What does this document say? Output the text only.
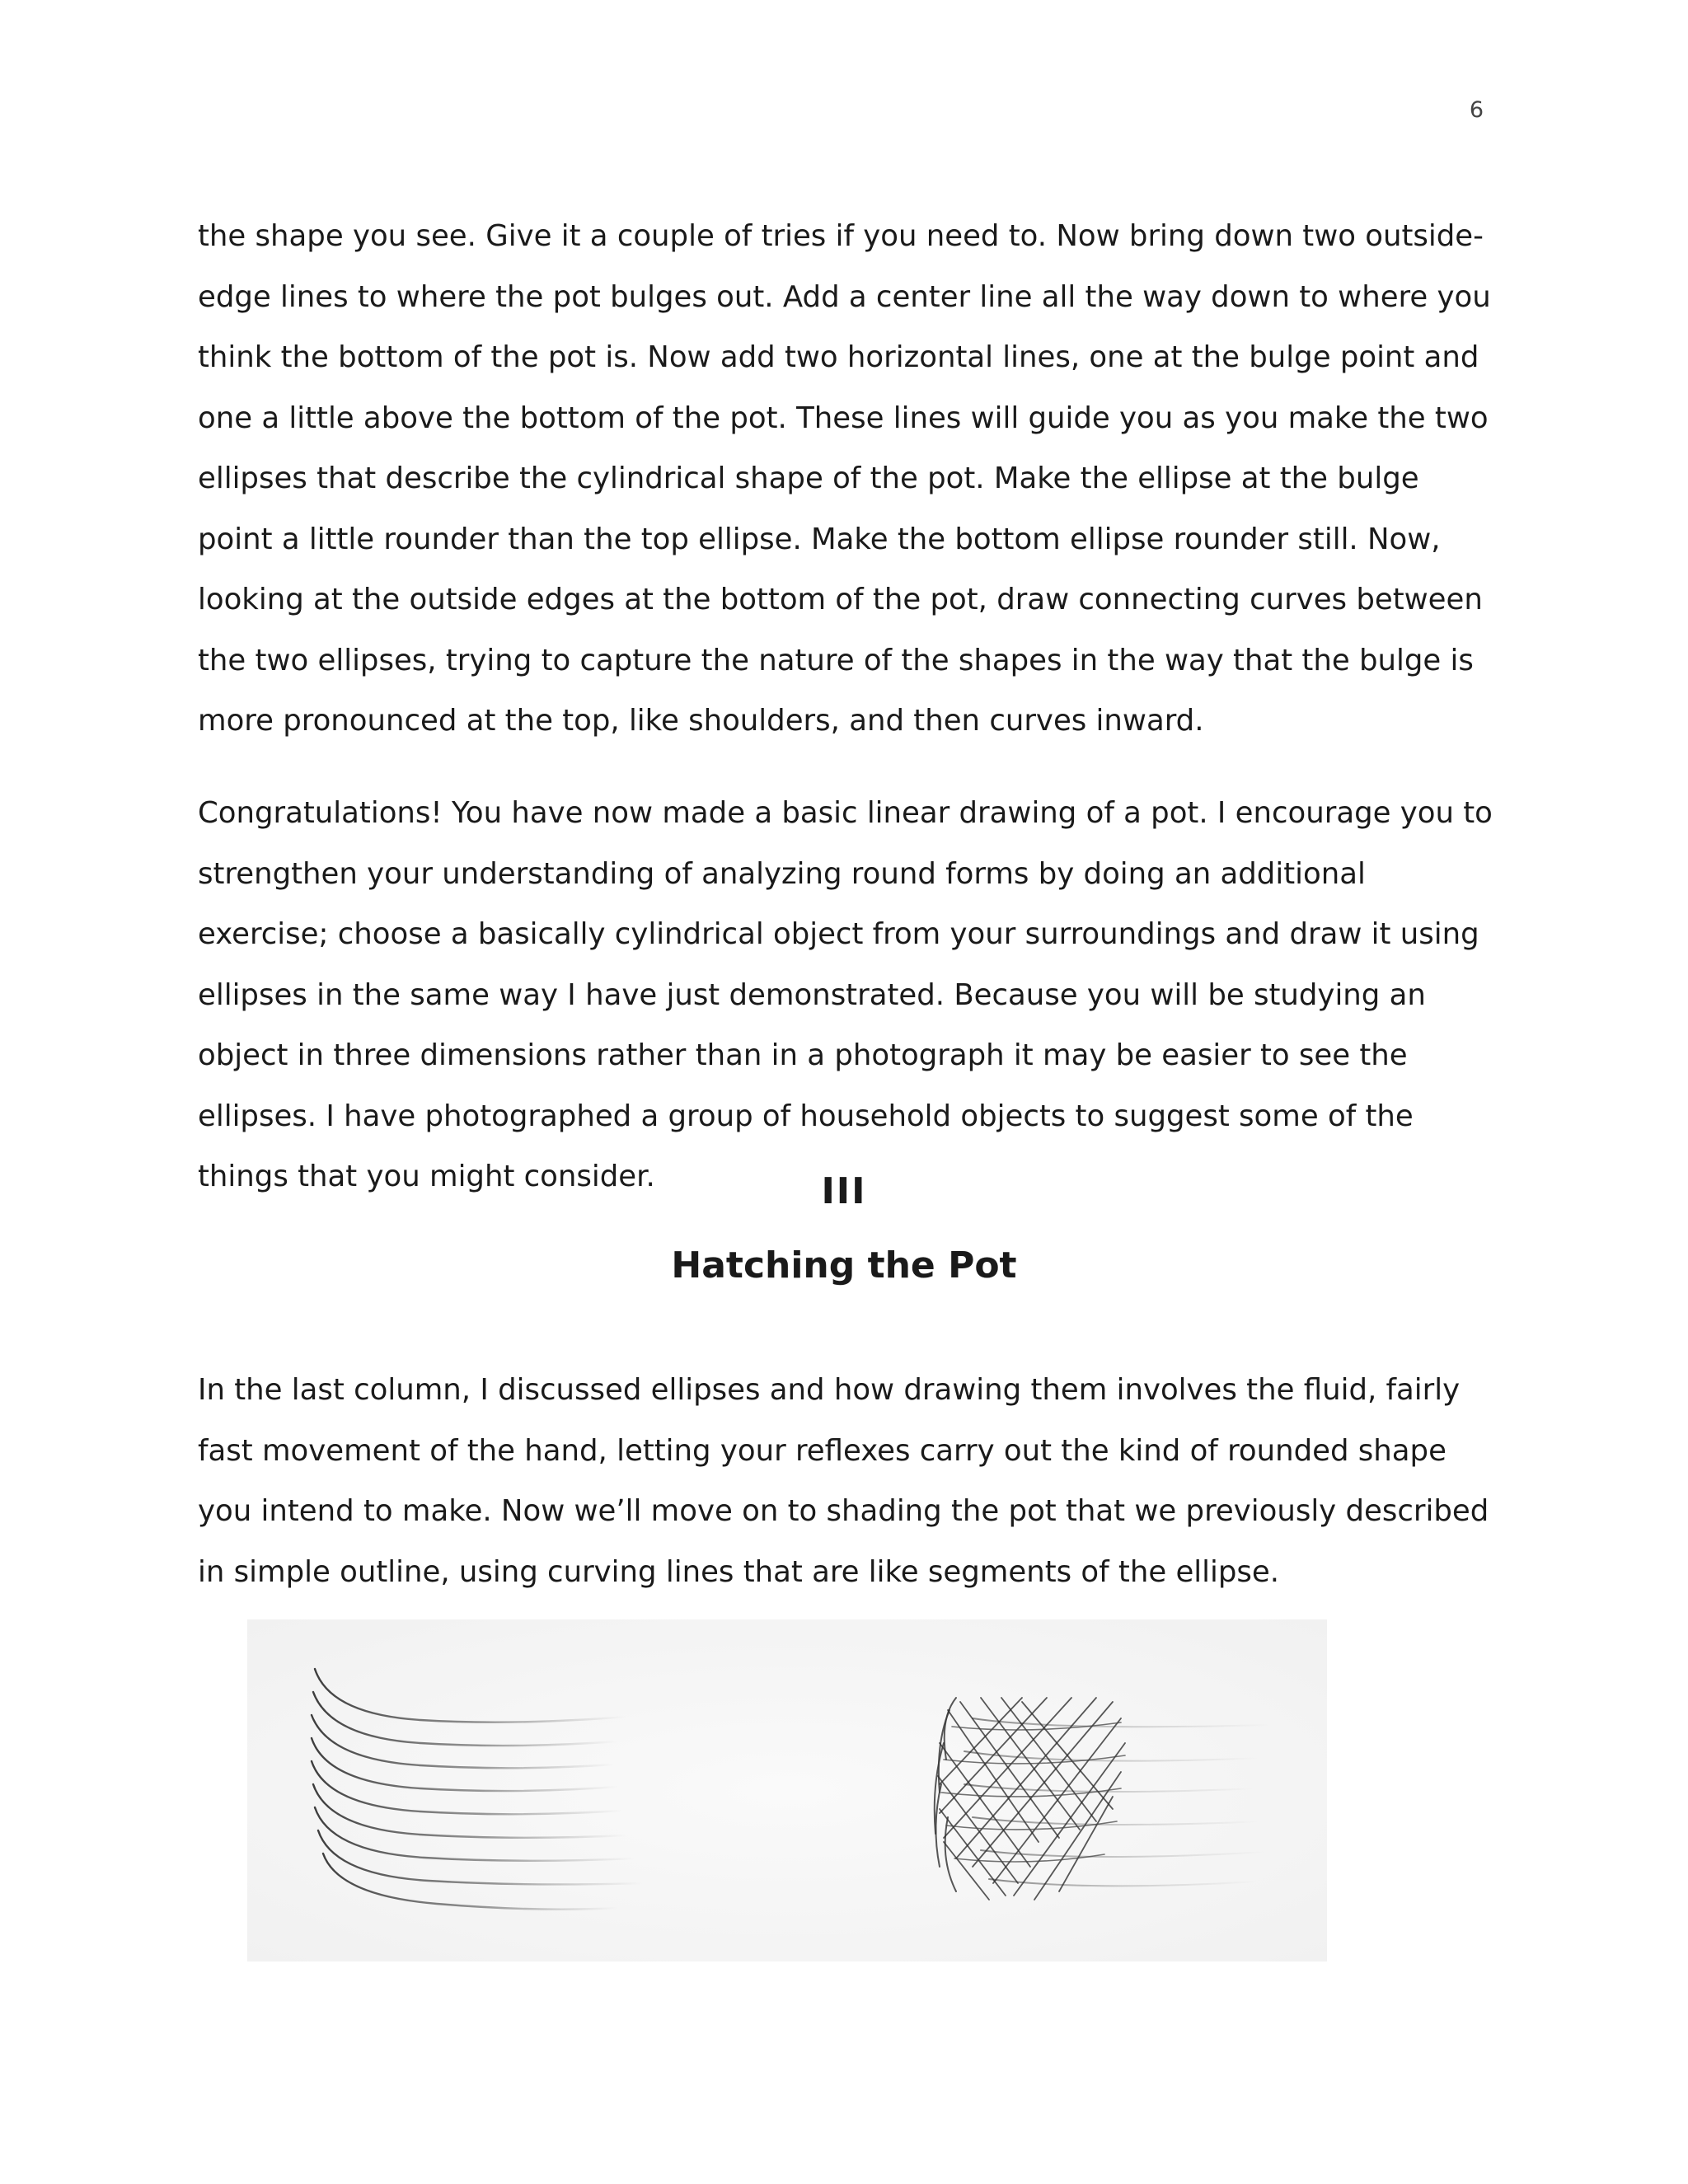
6

the shape you see. Give it a couple of tries if you need to. Now bring down two outside-edge lines to where the pot bulges out. Add a center line all the way down to where you think the bottom of the pot is. Now add two horizontal lines, one at the bulge point and one a little above the bottom of the pot. These lines will guide you as you make the two ellipses that describe the cylindrical shape of the pot. Make the ellipse at the bulge point a little rounder than the top ellipse. Make the bottom ellipse rounder still. Now, looking at the outside edges at the bottom of the pot, draw connecting curves between the two ellipses, trying to capture the nature of the shapes in the way that the bulge is more pronounced at the top, like shoulders, and then curves inward.

Congratulations! You have now made a basic linear drawing of a pot. I encourage you to strengthen your understanding of analyzing round forms by doing an additional exercise; choose a basically cylindrical object from your surroundings and draw it using ellipses in the same way I have just demonstrated. Because you will be studying an object in three dimensions rather than in a photograph it may be easier to see the ellipses. I have photographed a group of household objects to suggest some of the things that you might consider.	III
Hatching the Pot

In the last column, I discussed ellipses and how drawing them involves the fluid, fairly fast movement of the hand, letting your reflexes carry out the kind of rounded shape you intend to make. Now we’ll move on to shading the pot that we previously described in simple outline, using curving lines that are like segments of the ellipse.
